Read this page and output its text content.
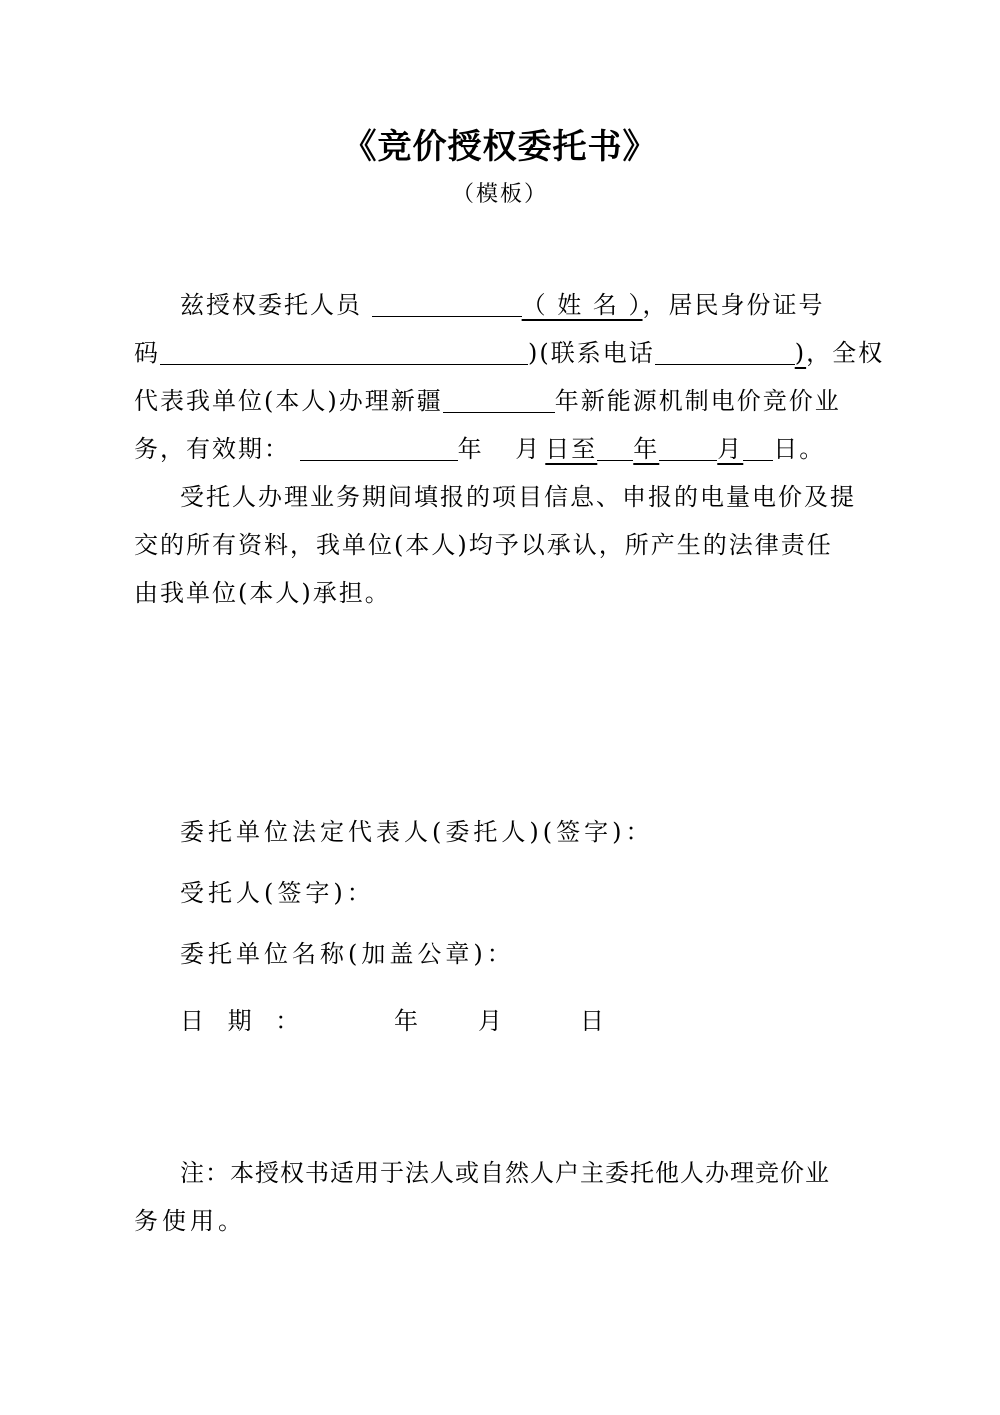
《竞价授权委托书》
（模板）
兹授权委托人员	（ 姓 名 ），居民身份证号
码	)(联系电话	)，全权
代表我单位(本人)办理新疆	年新能源机制电价竞价业
务，有效期：	年 月 日至 年 月 日。
受托人办理业务期间填报的项目信息、申报的电量电价及提
交的所有资料，我单位(本人)均予以承认，所产生的法律责任
由我单位(本人)承担。
委托单位法定代表人(委托人)(签字)：
受托人(签字)：
委托单位名称(加盖公章)：
日 期 ：	年	月	日
注：本授权书适用于法人或自然人户主委托他人办理竞价业
务使用。
